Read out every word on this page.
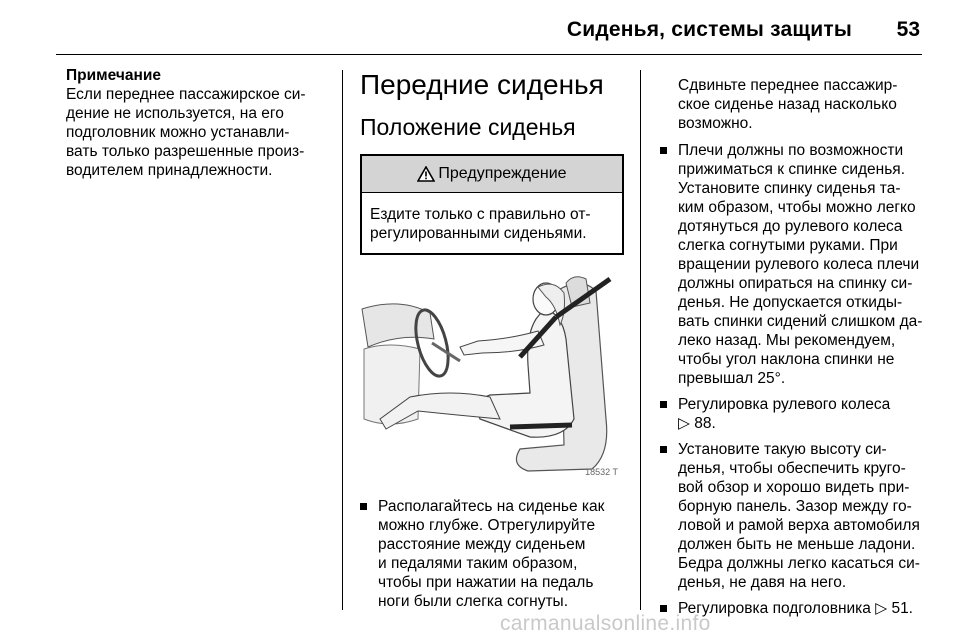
Сиденья, системы защиты 53
Примечание
Если переднее пассажирское си-
дение не используется, на его
подголовник можно устанавли-
вать только разрешенные произ-
водителем принадлежности.
Передние сиденья
Положение сиденья
Предупреждение
Ездите только с правильно от-
регулированными сиденьями.
18532 T
Располагайтесь на сиденье как
можно глубже. Отрегулируйте
расстояние между сиденьем
и педалями таким образом,
чтобы при нажатии на педаль
ноги были слегка согнуты.
Сдвиньте переднее пассажир-
ское сиденье назад насколько
возможно.
Плечи должны по возможности
прижиматься к спинке сиденья.
Установите спинку сиденья та-
ким образом, чтобы можно легко
дотянуться до рулевого колеса
слегка согнутыми руками. При
вращении рулевого колеса плечи
должны опираться на спинку си-
денья. Не допускается откиды-
вать спинки сидений слишком да-
леко назад. Мы рекомендуем,
чтобы угол наклона спинки не
превышал 25°.
Регулировка рулевого колеса
▷ 88.
Установите такую высоту си-
денья, чтобы обеспечить круго-
вой обзор и хорошо видеть при-
борную панель. Зазор между го-
ловой и рамой верха автомобиля
должен быть не меньше ладони.
Бедра должны легко касаться си-
денья, не давя на него.
Регулировка подголовника ▷ 51.
carmanualsonline.info
